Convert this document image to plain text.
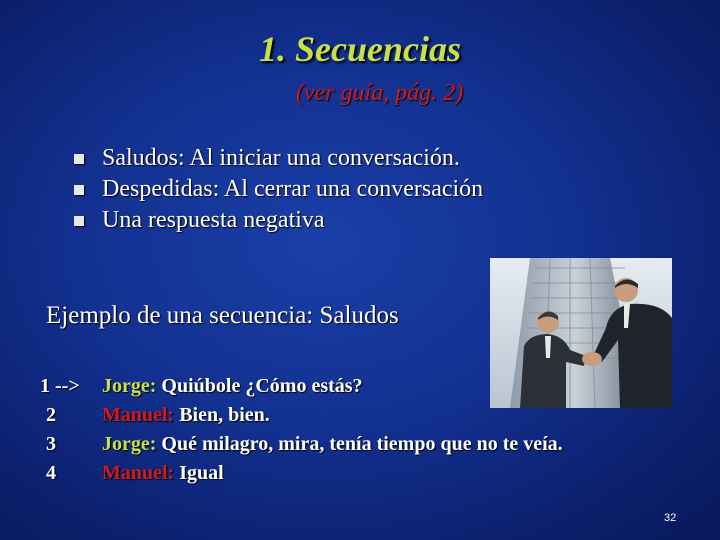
1. Secuencias
(ver guía, pág. 2)
Saludos: Al iniciar una conversación.
Despedidas: Al cerrar una conversación
Una respuesta negativa
Ejemplo de una secuencia: Saludos
1 -->	Jorge: Quiúbole ¿Cómo estás?
2	Manuel: Bien, bien.
3	Jorge: Qué milagro, mira, tenía tiempo que no te veía.
4	Manuel: Igual
32
